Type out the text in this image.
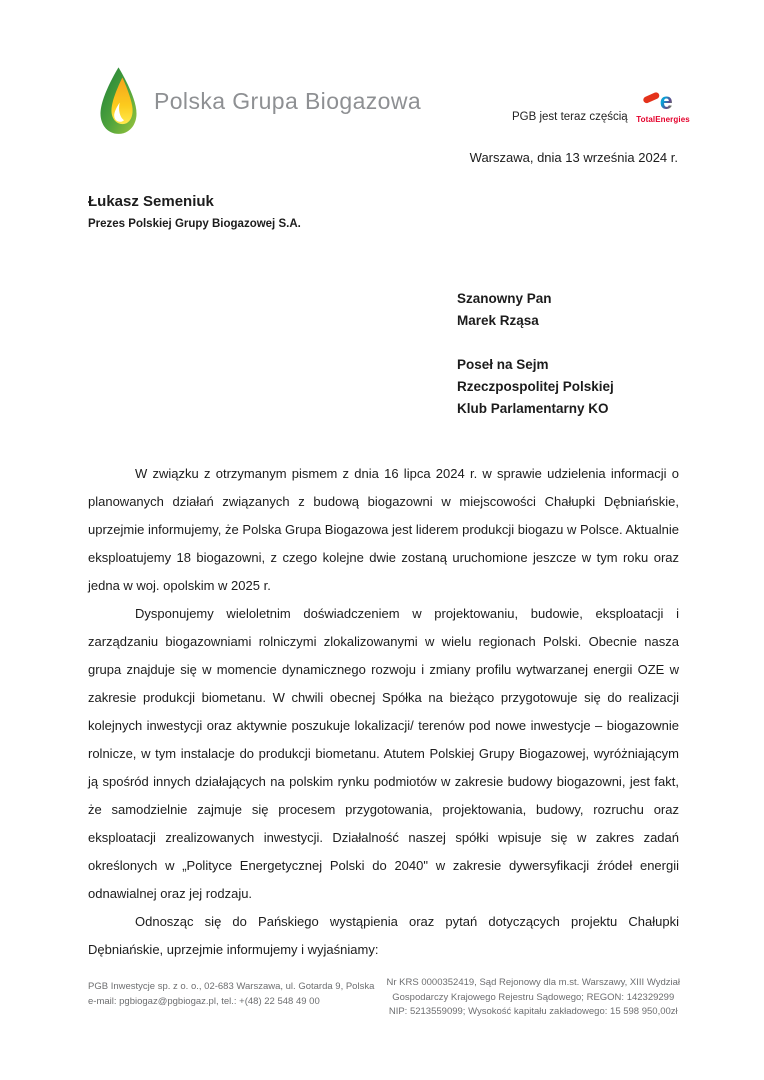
Polska Grupa Biogazowa
PGB jest teraz częścią
e
TotalEnergies
Warszawa, dnia 13 września 2024 r.
Łukasz Semeniuk
Prezes Polskiej Grupy Biogazowej S.A.
Szanowny Pan
Marek Rząsa
Poseł na Sejm
Rzeczpospolitej Polskiej
Klub Parlamentarny KO

W związku z otrzymanym pismem z dnia 16 lipca 2024 r. w sprawie udzielenia informacji o planowanych działań związanych z budową biogazowni w miejscowości Chałupki Dębniańskie, uprzejmie informujemy, że Polska Grupa Biogazowa jest liderem produkcji biogazu w Polsce. Aktualnie eksploatujemy 18 biogazowni, z czego kolejne dwie zostaną uruchomione jeszcze w tym roku oraz jedna w woj. opolskim w 2025 r.

Dysponujemy wieloletnim doświadczeniem w projektowaniu, budowie, eksploatacji i zarządzaniu biogazowniami rolniczymi zlokalizowanymi w wielu regionach Polski. Obecnie nasza grupa znajduje się w momencie dynamicznego rozwoju i zmiany profilu wytwarzanej energii OZE w zakresie produkcji biometanu. W chwili obecnej Spółka na bieżąco przygotowuje się do realizacji kolejnych inwestycji oraz aktywnie poszukuje lokalizacji/ terenów pod nowe inwestycje – biogazownie rolnicze, w tym instalacje do produkcji biometanu. Atutem Polskiej Grupy Biogazowej, wyróżniającym ją spośród innych działających na polskim rynku podmiotów w zakresie budowy biogazowni, jest fakt, że samodzielnie zajmuje się procesem przygotowania, projektowania, budowy, rozruchu oraz eksploatacji zrealizowanych inwestycji. Działalność naszej spółki wpisuje się w zakres zadań określonych w „Polityce Energetycznej Polski do 2040" w zakresie dywersyfikacji źródeł energii odnawialnej oraz jej rodzaju.

Odnosząc się do Pańskiego wystąpienia oraz pytań dotyczących projektu Chałupki Dębniańskie, uprzejmie informujemy i wyjaśniamy:

PGB Inwestycje sp. z o. o., 02-683 Warszawa, ul. Gotarda 9, Polska
e-mail: pgbiogaz@pgbiogaz.pl, tel.: +(48) 22 548 49 00
Nr KRS 0000352419, Sąd Rejonowy dla m.st. Warszawy, XIII Wydział
Gospodarczy Krajowego Rejestru Sądowego; REGON: 142329299
NIP: 5213559099; Wysokość kapitału zakładowego: 15 598 950,00zł
